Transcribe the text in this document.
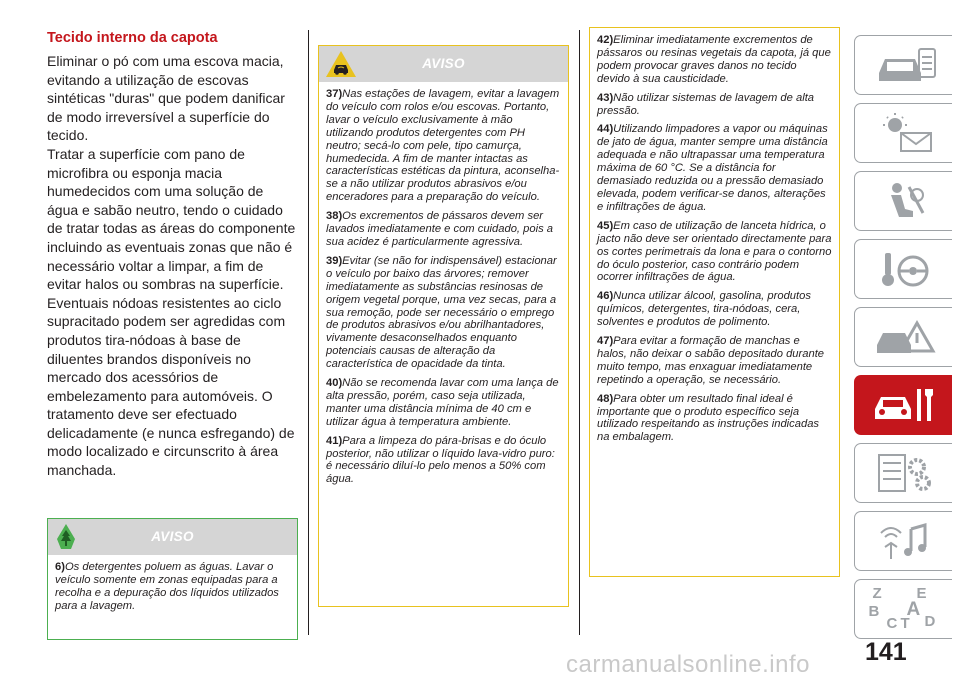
Tecido interno da capota

Eliminar o pó com uma escova macia, evitando a utilização de escovas sintéticas "duras" que podem danificar de modo irreversível a superfície do tecido.

Tratar a superfície com pano de microfibra ou esponja macia humedecidos com uma solução de água e sabão neutro, tendo o cuidado de tratar todas as áreas do componente incluindo as eventuais zonas que não é necessário voltar a limpar, a fim de evitar halos ou sombras na superfície.

Eventuais nódoas resistentes ao ciclo supracitado podem ser agredidas com produtos tira-nódoas à base de diluentes brandos disponíveis no mercado dos acessórios de embelezamento para automóveis. O tratamento deve ser efectuado delicadamente (e nunca esfregando) de modo localizado e circunscrito à área manchada.

AVISO

6)Os detergentes poluem as águas. Lavar o veículo somente em zonas equipadas para a recolha e a depuração dos líquidos utilizados para a lavagem.

AVISO

37)Nas estações de lavagem, evitar a lavagem do veículo com rolos e/ou escovas. Portanto, lavar o veículo exclusivamente à mão utilizando produtos detergentes com PH neutro; secá-lo com pele, tipo camurça, humedecida. A fim de manter intactas as características estéticas da pintura, aconselha-se a não utilizar produtos abrasivos e/ou enceradores para a preparação do veículo.

38)Os excrementos de pássaros devem ser lavados imediatamente e com cuidado, pois a sua acidez é particularmente agressiva.

39)Evitar (se não for indispensável) estacionar o veículo por baixo das árvores; remover imediatamente as substâncias resinosas de origem vegetal porque, uma vez secas, para a sua remoção, pode ser necessário o emprego de produtos abrasivos e/ou abrilhantadores, vivamente desaconselhados enquanto potenciais causas de alteração da característica de opacidade da tinta.

40)Não se recomenda lavar com uma lança de alta pressão, porém, caso seja utilizada, manter uma distância mínima de 40 cm e utilizar água à temperatura ambiente.

41)Para a limpeza do pára-brisas e do óculo posterior, não utilizar o líquido lava-vidro puro: é necessário diluí-lo pelo menos a 50% com água.

42)Eliminar imediatamente excrementos de pássaros ou resinas vegetais da capota, já que podem provocar graves danos no tecido devido à sua causticidade.

43)Não utilizar sistemas de lavagem de alta pressão.

44)Utilizando limpadores a vapor ou máquinas de jato de água, manter sempre uma distância adequada e não ultrapassar uma temperatura máxima de 60 °C. Se a distância for demasiado reduzida ou a pressão demasiado elevada, podem verificar-se danos, alterações e infiltrações de água.

45)Em caso de utilização de lanceta hídrica, o jacto não deve ser orientado directamente para os cortes perimetrais da lona e para o contorno do óculo posterior, caso contrário podem ocorrer infiltrações de água.

46)Nunca utilizar álcool, gasolina, produtos químicos, detergentes, tira-nódoas, cera, solventes e produtos de polimento.

47)Para evitar a formação de manchas e halos, não deixar o sabão depositado durante muito tempo, mas enxaguar imediatamente repetindo a operação, se necessário.

48)Para obter um resultado final ideal é importante que o produto específico seja utilizado respeitando as instruções indicadas na embalagem.

Z E
A
B
C T D
141
carmanualsonline.info
